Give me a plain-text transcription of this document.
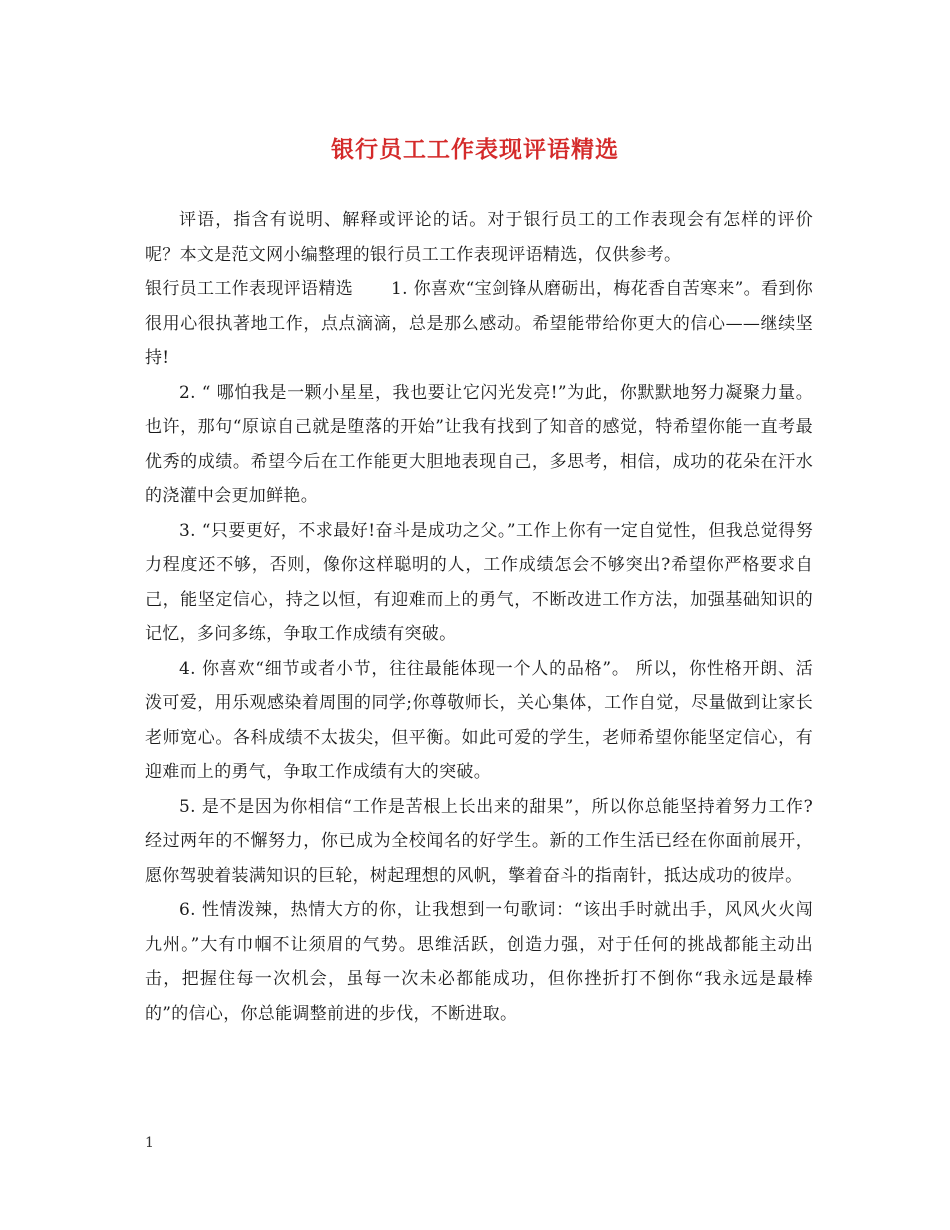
银行员工工作表现评语精选

评语，指含有说明、解释或评论的话。对于银行员工的工作表现会有怎样的评价呢？本文是范文网小编整理的银行员工工作表现评语精选，仅供参考。

银行员工工作表现评语精选 1. 你喜欢“宝剑锋从磨砺出，梅花香自苦寒来”。看到你很用心很执著地工作，点点滴滴，总是那么感动。希望能带给你更大的信心——继续坚持!

2. “ 哪怕我是一颗小星星，我也要让它闪光发亮!”为此，你默默地努力凝聚力量。也许，那句“原谅自己就是堕落的开始”让我有找到了知音的感觉，特希望你能一直考最优秀的成绩。希望今后在工作能更大胆地表现自己，多思考，相信，成功的花朵在汗水的浇灌中会更加鲜艳。

3. “只要更好，不求最好!奋斗是成功之父。”工作上你有一定自觉性，但我总觉得努力程度还不够，否则，像你这样聪明的人，工作成绩怎会不够突出?希望你严格要求自己，能坚定信心，持之以恒，有迎难而上的勇气，不断改进工作方法，加强基础知识的记忆，多问多练，争取工作成绩有突破。

4. 你喜欢“细节或者小节，往往最能体现一个人的品格”。 所以，你性格开朗、活泼可爱，用乐观感染着周围的同学;你尊敬师长，关心集体，工作自觉，尽量做到让家长老师宽心。各科成绩不太拔尖，但平衡。如此可爱的学生，老师希望你能坚定信心，有迎难而上的勇气，争取工作成绩有大的突破。

5. 是不是因为你相信“工作是苦根上长出来的甜果”，所以你总能坚持着努力工作?经过两年的不懈努力，你已成为全校闻名的好学生。新的工作生活已经在你面前展开，愿你驾驶着装满知识的巨轮，树起理想的风帆，擎着奋斗的指南针，抵达成功的彼岸。

6. 性情泼辣，热情大方的你，让我想到一句歌词：“该出手时就出手，风风火火闯九州。”大有巾帼不让须眉的气势。思维活跃，创造力强，对于任何的挑战都能主动出击，把握住每一次机会，虽每一次未必都能成功，但你挫折打不倒你“我永远是最棒的”的信心，你总能调整前进的步伐，不断进取。

1
